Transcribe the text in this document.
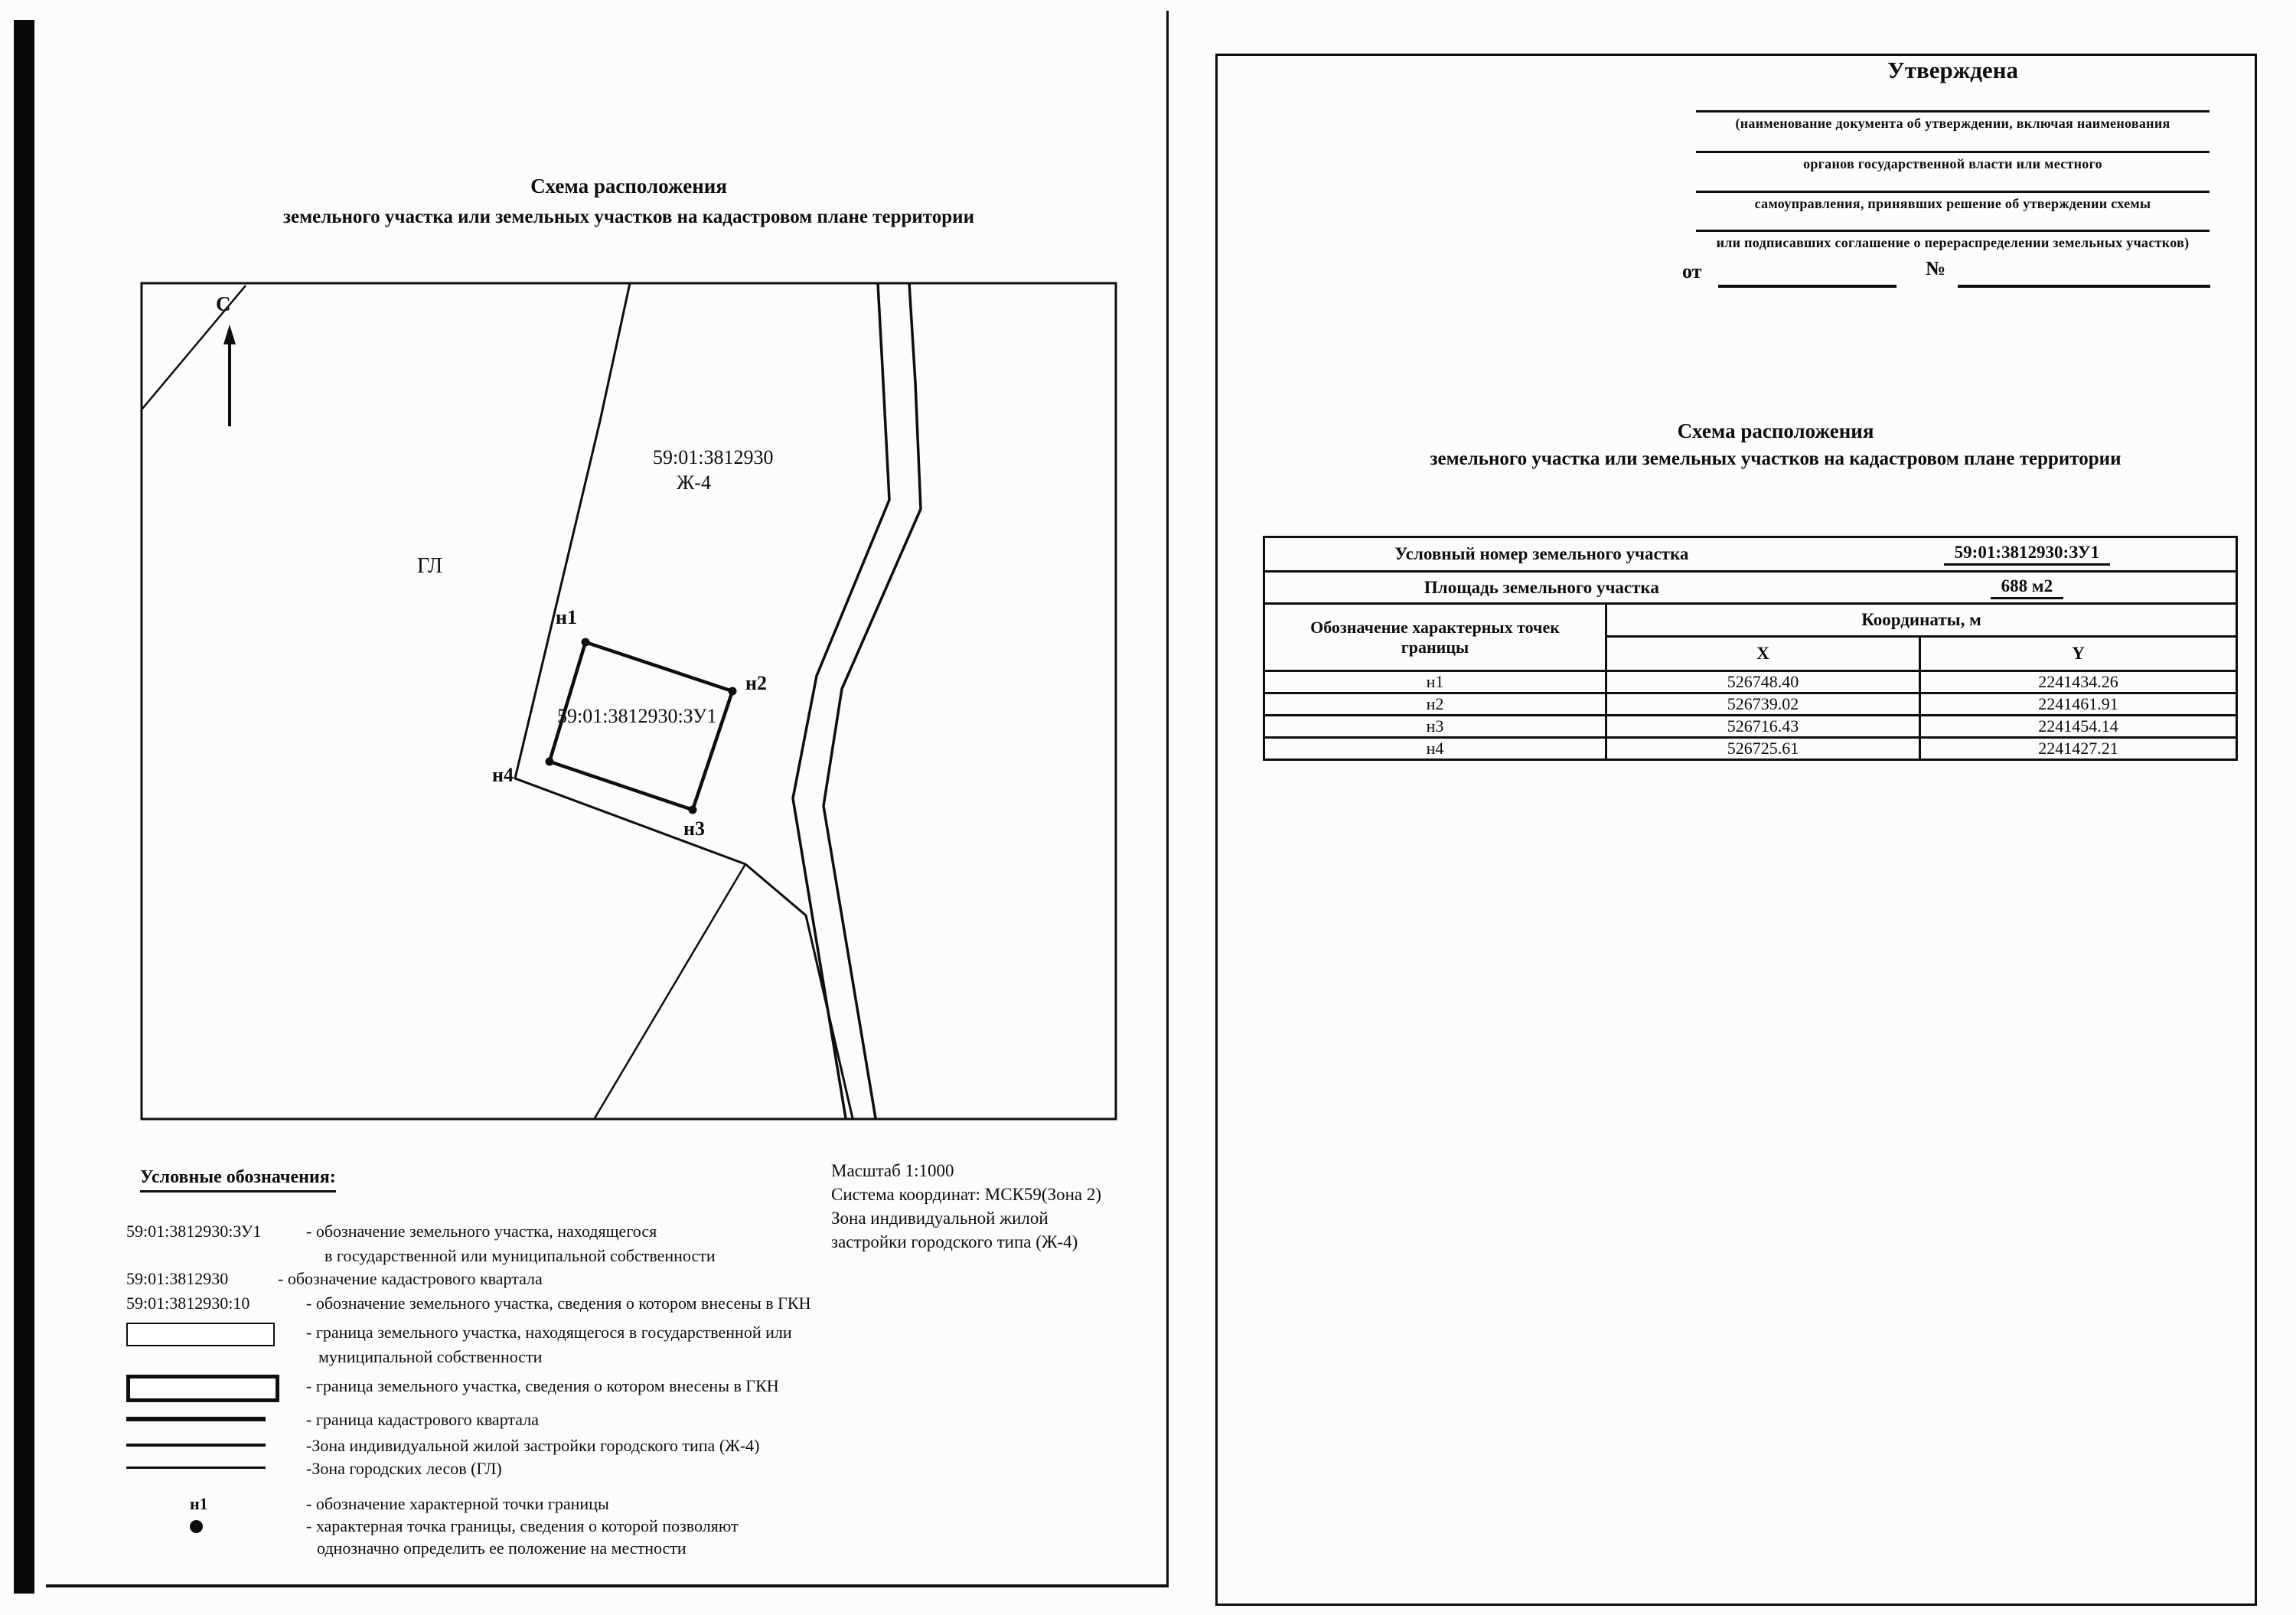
Схема расположения
земельного участка или земельных участков на кадастровом плане территории
С
59:01:3812930
Ж-4
ГЛ
59:01:3812930:ЗУ1
н1
н2
н3
н4
Условные обозначения:
59:01:3812930:ЗУ1	- обозначение земельного участка, находящегося
в государственной или муниципальной собственности
59:01:3812930	- обозначение кадастрового квартала
59:01:3812930:10	- обозначение земельного участка, сведения о котором внесены в ГКН
- граница земельного участка, находящегося в государственной или
муниципальной собственности
- граница земельного участка, сведения о котором внесены в ГКН
- граница кадастрового квартала
-Зона индивидуальной жилой застройки городского типа (Ж-4)
-Зона городских лесов (ГЛ)
н1	- обозначение характерной точки границы
- характерная точка границы, сведения о которой позволяют
однозначно определить ее положение на местности
Масштаб 1:1000
Система координат: МСК59(Зона 2)
Зона индивидуальной жилой
застройки городского типа (Ж-4)
Утверждена
(наименование документа об утверждении, включая наименования
органов государственной власти или местного
самоуправления, принявших решение об утверждении схемы
или подписавших соглашение о перераспределении земельных участков)
от	№
Схема расположения
земельного участка или земельных участков на кадастровом плане территории
Условный номер земельного участка 59:01:3812930:ЗУ1		

Площадь земельного участка 688 м2		

Обозначение характерных точек границы	Координаты, м	
	X	Y
н1	526748.40	2241434.26
н2	526739.02	2241461.91
н3	526716.43	2241454.14
н4	526725.61	2241427.21
